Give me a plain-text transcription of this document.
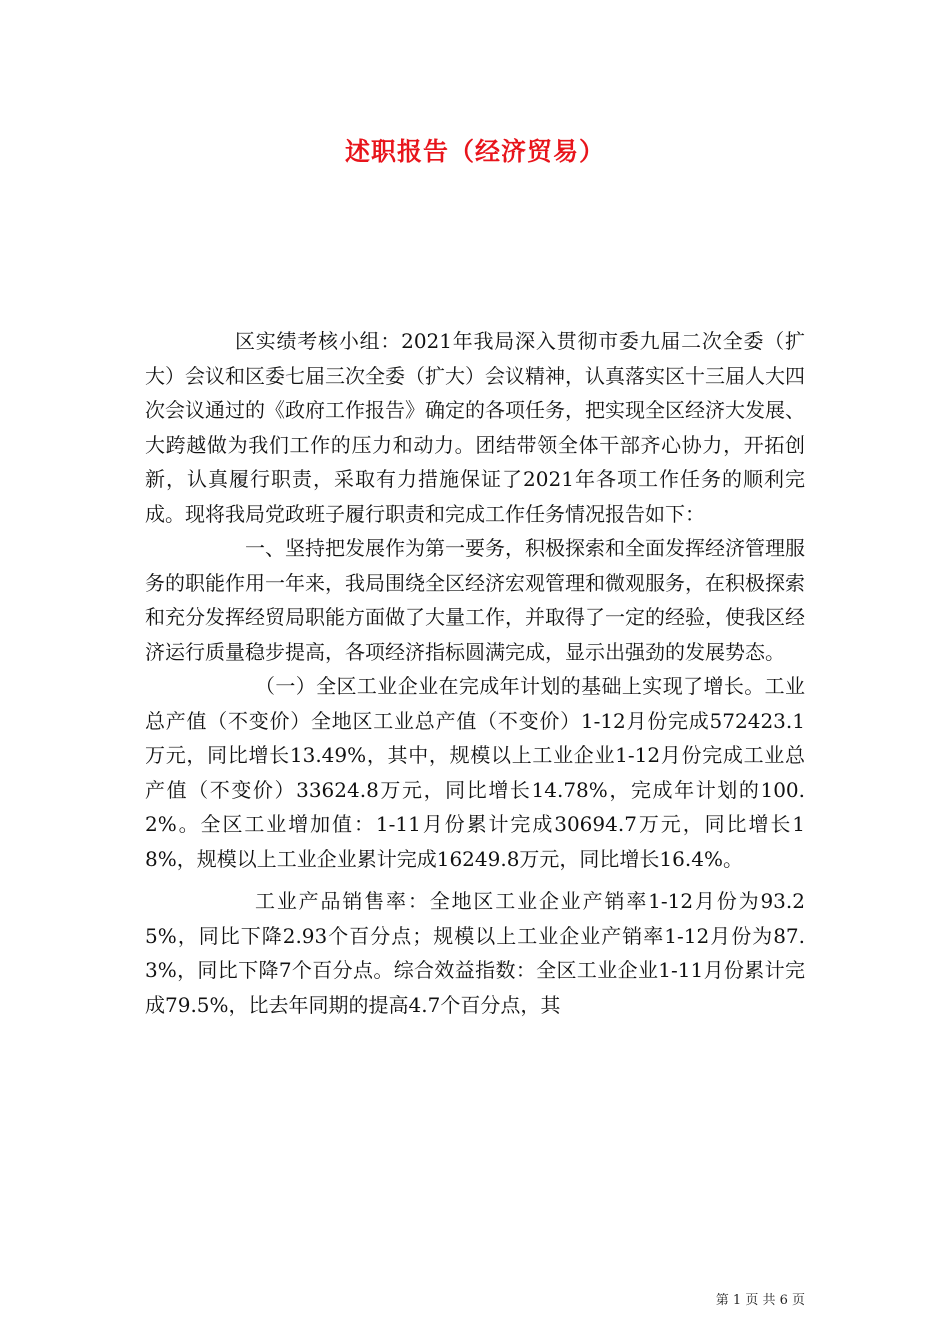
述职报告（经济贸易）

区实绩考核小组：2021年我局深入贯彻市委九届二次全委（扩大）会议和区委七届三次全委（扩大）会议精神，认真落实区十三届人大四次会议通过的《政府工作报告》确定的各项任务，把实现全区经济大发展、大跨越做为我们工作的压力和动力。团结带领全体干部齐心协力，开拓创新，认真履行职责，采取有力措施保证了2021年各项工作任务的顺利完成。现将我局党政班子履行职责和完成工作任务情况报告如下：

一、坚持把发展作为第一要务，积极探索和全面发挥经济管理服务的职能作用一年来，我局围绕全区经济宏观管理和微观服务，在积极探索和充分发挥经贸局职能方面做了大量工作，并取得了一定的经验，使我区经济运行质量稳步提高，各项经济指标圆满完成，显示出强劲的发展势态。

（一）全区工业企业在完成年计划的基础上实现了增长。工业总产值（不变价）全地区工业总产值（不变价）1-12月份完成572423.1万元，同比增长13.49%，其中，规模以上工业企业1-12月份完成工业总产值（不变价）33624.8万元，同比增长14.78%，完成年计划的100.2%。全区工业增加值：1-11月份累计完成30694.7万元，同比增长18%，规模以上工业企业累计完成16249.8万元，同比增长16.4%。

工业产品销售率：全地区工业企业产销率1-12月份为93.25%，同比下降2.93个百分点；规模以上工业企业产销率1-12月份为87.3%，同比下降7个百分点。综合效益指数：全区工业企业1-11月份累计完成79.5%，比去年同期的提高4.7个百分点，其

第 1 页 共 6 页
